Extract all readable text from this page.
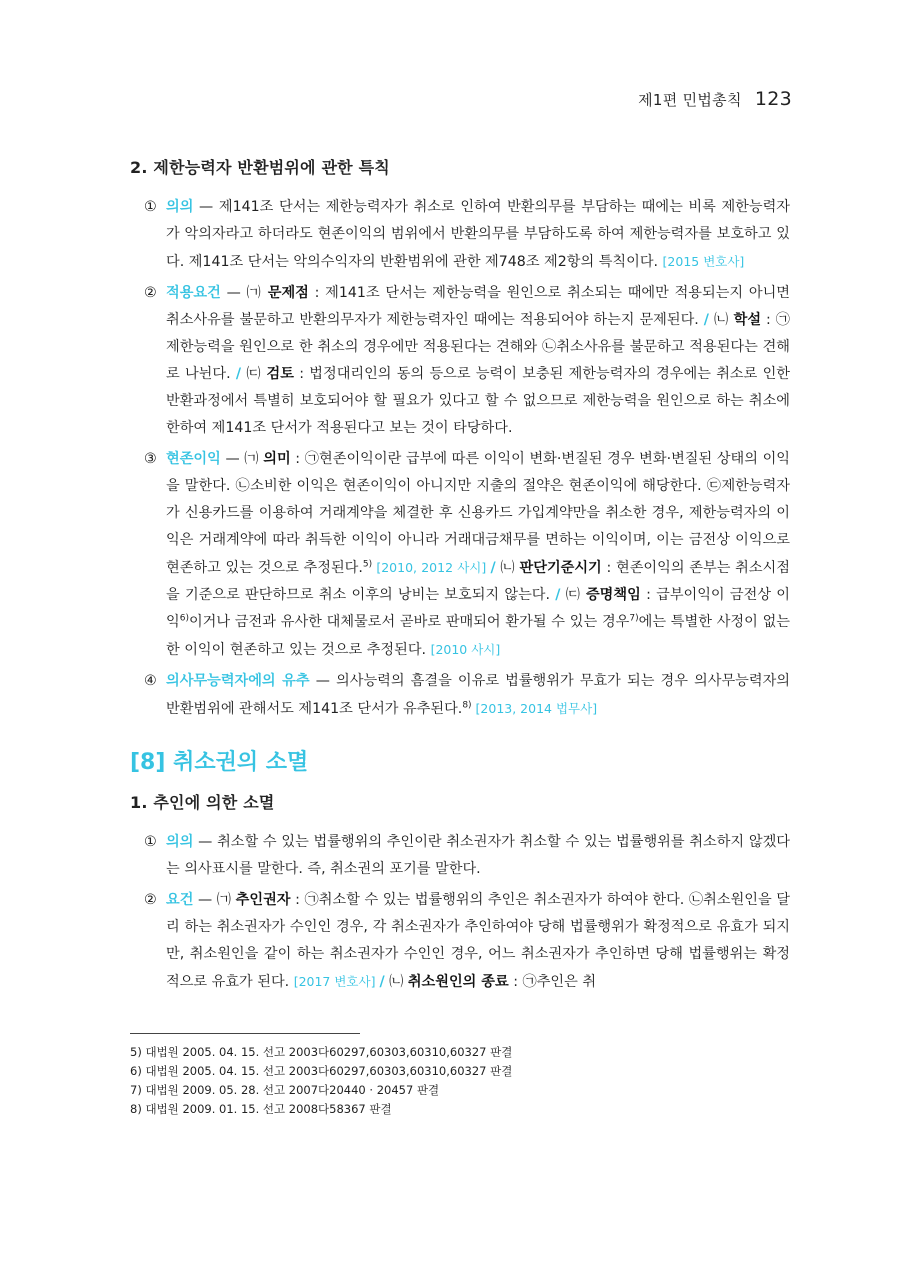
제1편 민법총칙 123
2. 제한능력자 반환범위에 관한 특칙

① 의의 — 제141조 단서는 제한능력자가 취소로 인하여 반환의무를 부담하는 때에는 비록 제한능력자가 악의자라고 하더라도 현존이익의 범위에서 반환의무를 부담하도록 하여 제한능력자를 보호하고 있다. 제141조 단서는 악의수익자의 반환범위에 관한 제748조 제2항의 특칙이다. [2015 변호사]

② 적용요건 — ㈀ 문제점 : 제141조 단서는 제한능력을 원인으로 취소되는 때에만 적용되는지 아니면 취소사유를 불문하고 반환의무자가 제한능력자인 때에는 적용되어야 하는지 문제된다. / ㈁ 학설 : ㉠제한능력을 원인으로 한 취소의 경우에만 적용된다는 견해와 ㉡취소사유를 불문하고 적용된다는 견해로 나뉜다. / ㈂ 검토 : 법정대리인의 동의 등으로 능력이 보충된 제한능력자의 경우에는 취소로 인한 반환과정에서 특별히 보호되어야 할 필요가 있다고 할 수 없으므로 제한능력을 원인으로 하는 취소에 한하여 제141조 단서가 적용된다고 보는 것이 타당하다.

③ 현존이익 — ㈀ 의미 : ㉠현존이익이란 급부에 따른 이익이 변화·변질된 경우 변화·변질된 상태의 이익을 말한다. ㉡소비한 이익은 현존이익이 아니지만 지출의 절약은 현존이익에 해당한다. ㉢제한능력자가 신용카드를 이용하여 거래계약을 체결한 후 신용카드 가입계약만을 취소한 경우, 제한능력자의 이익은 거래계약에 따라 취득한 이익이 아니라 거래대금채무를 면하는 이익이며, 이는 금전상 이익으로 현존하고 있는 것으로 추정된다.$^{5)}$ [2010, 2012 사시] / ㈁ 판단기준시기 : 현존이익의 존부는 취소시점을 기준으로 판단하므로 취소 이후의 낭비는 보호되지 않는다. / ㈂ 증명책임 : 급부이익이 금전상 이익$^{6)}$이거나 금전과 유사한 대체물로서 곧바로 판매되어 환가될 수 있는 경우$^{7)}$에는 특별한 사정이 없는 한 이익이 현존하고 있는 것으로 추정된다. [2010 사시]

④ 의사무능력자에의 유추 — 의사능력의 흠결을 이유로 법률행위가 무효가 되는 경우 의사무능력자의 반환범위에 관해서도 제141조 단서가 유추된다.$^{8)}$ [2013, 2014 법무사]

[8] 취소권의 소멸
1. 추인에 의한 소멸

① 의의 — 취소할 수 있는 법률행위의 추인이란 취소권자가 취소할 수 있는 법률행위를 취소하지 않겠다는 의사표시를 말한다. 즉, 취소권의 포기를 말한다.

② 요건 — ㈀ 추인권자 : ㉠취소할 수 있는 법률행위의 추인은 취소권자가 하여야 한다. ㉡취소원인을 달리 하는 취소권자가 수인인 경우, 각 취소권자가 추인하여야 당해 법률행위가 확정적으로 유효가 되지만, 취소원인을 같이 하는 취소권자가 수인인 경우, 어느 취소권자가 추인하면 당해 법률행위는 확정적으로 유효가 된다. [2017 변호사] / ㈁ 취소원인의 종료 : ㉠추인은 취

5) 대법원 2005. 04. 15. 선고 2003다60297,60303,60310,60327 판결
6) 대법원 2005. 04. 15. 선고 2003다60297,60303,60310,60327 판결
7) 대법원 2009. 05. 28. 선고 2007다20440 · 20457 판결
8) 대법원 2009. 01. 15. 선고 2008다58367 판결
